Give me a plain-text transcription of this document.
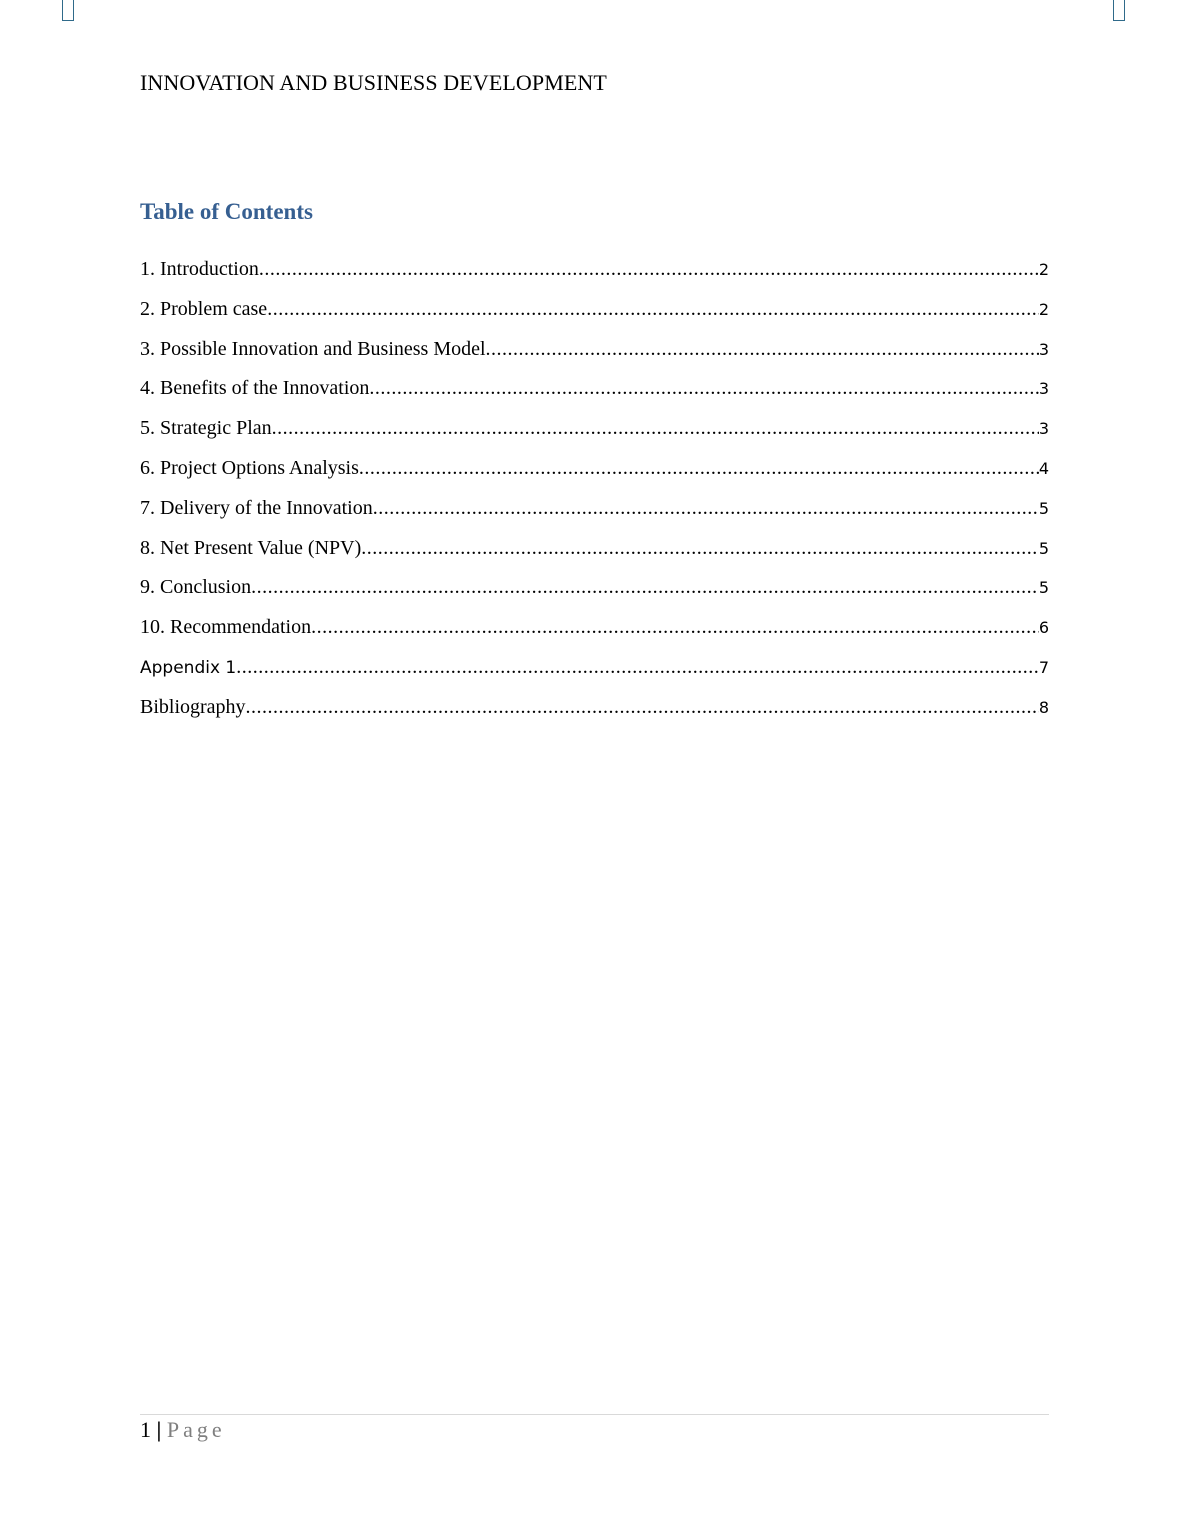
INNOVATION AND BUSINESS DEVELOPMENT
Table of Contents
1. Introduction .....	2
2. Problem case .....	2
3. Possible Innovation and Business Model .....	3
4. Benefits of the Innovation .....	3
5. Strategic Plan .....	3
6. Project Options Analysis .....	4
7. Delivery of the Innovation .....	5
8. Net Present Value (NPV) .....	5
9. Conclusion .....	5
10. Recommendation .....	6
Appendix 1 .....	7
Bibliography .....	8
1 | Page
